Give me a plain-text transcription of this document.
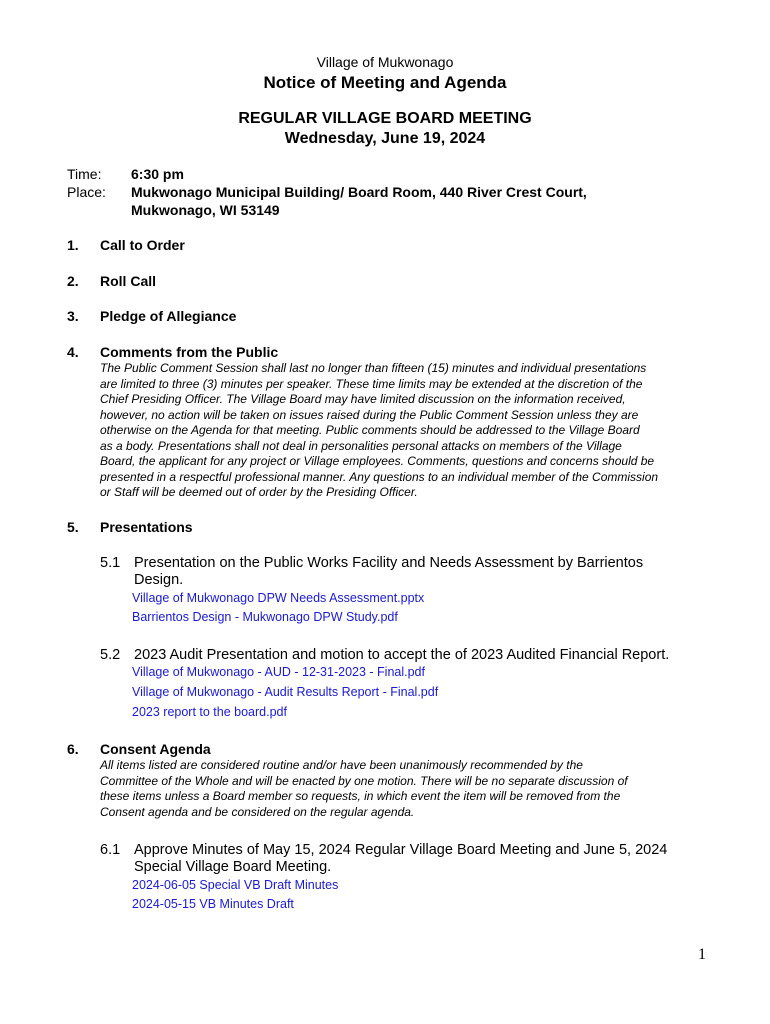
Village of Mukwonago
Notice of Meeting and Agenda
REGULAR VILLAGE BOARD MEETING
Wednesday, June 19, 2024
Time: 6:30 pm
Place: Mukwonago Municipal Building/ Board Room, 440 River Crest Court,
Mukwonago, WI 53149
1. Call to Order
2. Roll Call
3. Pledge of Allegiance
4. Comments from the Public
The Public Comment Session shall last no longer than fifteen (15) minutes and individual presentations
are limited to three (3) minutes per speaker. These time limits may be extended at the discretion of the
Chief Presiding Officer. The Village Board may have limited discussion on the information received,
however, no action will be taken on issues raised during the Public Comment Session unless they are
otherwise on the Agenda for that meeting. Public comments should be addressed to the Village Board
as a body. Presentations shall not deal in personalities personal attacks on members of the Village
Board, the applicant for any project or Village employees. Comments, questions and concerns should be
presented in a respectful professional manner. Any questions to an individual member of the Commission
or Staff will be deemed out of order by the Presiding Officer.
5. Presentations
5.1 Presentation on the Public Works Facility and Needs Assessment by Barrientos
Design.
Village of Mukwonago DPW Needs Assessment.pptx
Barrientos Design - Mukwonago DPW Study.pdf
5.2 2023 Audit Presentation and motion to accept the of 2023 Audited Financial Report.
Village of Mukwonago - AUD - 12-31-2023 - Final.pdf
Village of Mukwonago - Audit Results Report - Final.pdf
2023 report to the board.pdf
6. Consent Agenda
All items listed are considered routine and/or have been unanimously recommended by the
Committee of the Whole and will be enacted by one motion. There will be no separate discussion of
these items unless a Board member so requests, in which event the item will be removed from the
Consent agenda and be considered on the regular agenda.
6.1 Approve Minutes of May 15, 2024 Regular Village Board Meeting and June 5, 2024
Special Village Board Meeting.
2024-06-05 Special VB Draft Minutes
2024-05-15 VB Minutes Draft
1
